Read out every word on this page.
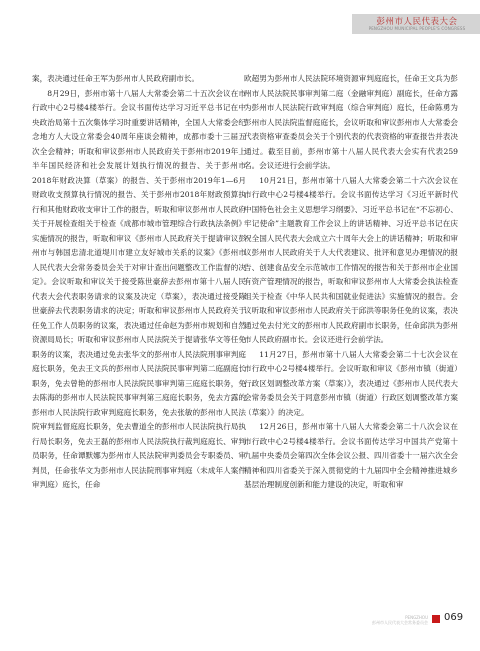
彭州市人民代表大会
PENGZHOU MUNICIPAL PEOPLE'S CONGRESS

案，表决通过任命王军为彭州市人民政府副市长。

8月29日，彭州市第十八届人大常委会第二十五次会议在市行政中心2号楼4楼举行。会议书面传达学习习近平总书记在中央政治局第十五次集体学习时重要讲话精神，全国人大常委会纪念地方人大设立常委会40周年座谈会精神，成都市委十三届五次全会精神；听取和审议彭州市人民政府关于彭州市2019年上半年国民经济和社会发展计划执行情况的报告、关于彭州市2018年财政决算（草案）的报告、关于彭州市2019年1—6月财政收支预算执行情况的报告、关于彭州市2018年财政预算执行和其他财政收支审计工作的报告，听取和审议彭州市人民政府关于开展检查组关于检查《成都市城市管理综合行政执法条例》实施情况的报告，听取和审议《彭州市人民政府关于提请审议彭州市与韩国忠清北道堤川市建立友好城市关系的议案》《彭州市人民代表大会常务委员会关于对审计查出问题整改工作监督的决定》。会议听取和审议关于接受陈世豪辞去彭州市第十八届人民代表大会代表职务请求的议案及决定（草案），表决通过接受陈世豪辞去代表职务请求的决定；听取和审议彭州市人民政府关于任免工作人员职务的议案，表决通过任命赵为彭州市规划和自然资源局局长；听取和审议彭州市人民法院关于提请张华文等任免职务的议案，表决通过免去张华文的彭州市人民法院刑事审判庭庭长职务，免去王文兵的彭州市人民法院民事审判第二庭副庭长职务，免去曾艳的彭州市人民法院民事审判第三庭庭长职务，免去陈海的彭州市人民法院民事审判第三庭庭长职务，免去方露的彭州市人民法院行政审判庭庭长职务，免去张敏的彭州市人民法院审判监督庭庭长职务，免去曹道全的彭州市人民法院执行局执行局长职务，免去王磊的彭州市人民法院执行裁判庭庭长、审判员职务，任命谭默娜为彭州市人民法院审判委员会专职委员、审判员，任命张华文为彭州市人民法院刑事审判庭（未成年人案件审判庭）庭长，任命

欧超男为彭州市人民法院环境资源审判庭庭长，任命王文兵为彭州市人民法院民事审判第二庭（金融审判庭）副庭长，任命方露为彭州市人民法院行政审判庭（综合审判庭）庭长，任命陈勇为彭州市人民法院监督庭庭长，会议听取和审议彭州市人大常委会代表资格审查委员会关于个别代表的代表资格的审查报告并表决通过。截至目前，彭州市第十八届人民代表大会实有代表259名。会议还进行会前学法。

10月21日，彭州市第十八届人大常委会第二十六次会议在市行政中心2号楼4楼举行。会议书面传达学习《习近平新时代中国特色社会主义思想学习纲要》、习近平总书记在“不忘初心、牢记使命”主题教育工作会议上的讲话精神、习近平总书记在庆祝全国人民代表大会成立六十周年大会上的讲话精神；听取和审议彭州市人民政府关于人大代表建议、批评和意见办理情况的报告、创建食品安全示范城市工作情况的报告和关于彭州市企业国有资产管理情况的报告，听取和审议彭州市人大常委会执法检查组关于检查《中华人民共和国就业促进法》实施情况的报告。会议听取和审议彭州市人民政府关于邱洪等职务任免的议案，表决通过免去付光文的彭州市人民政府副市长职务，任命邱洪为彭州市人民政府副市长。会议还进行会前学法。

11月27日，彭州市第十八届人大常委会第二十七次会议在市行政中心2号楼4楼举行。会议听取和审议《彭州市镇（街道）行政区划调整改革方案（草案）》，表决通过《彭州市人民代表大会常务委员会关于同意彭州市镇（街道）行政区划调整改革方案（草案）》的决定。

12月26日，彭州市第十八届人大常委会第二十八次会议在市行政中心2号楼4楼举行。会议书面传达学习中国共产党第十九届中央委员会第四次全体会议公报、四川省委十一届六次全会精神和四川省委关于深入贯彻党的十九届四中全会精神推进城乡基层治理制度创新和能力建设的决定，听取和审

PENGZHOU
彭州市人民代表大会常务委员会 069
